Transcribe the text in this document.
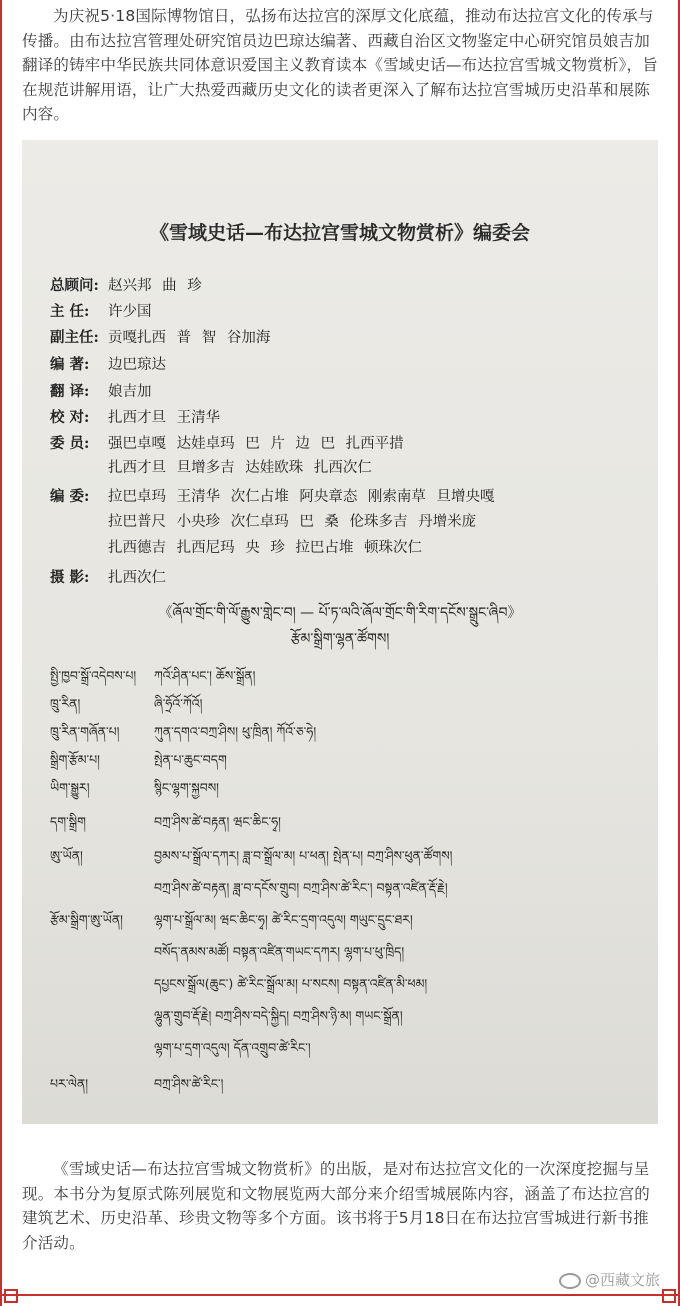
为庆祝5·18国际博物馆日，弘扬布达拉宫的深厚文化底蕴，推动布达拉宫文化的传承与传播。由布达拉宫管理处研究馆员边巴琼达编著、西藏自治区文物鉴定中心研究馆员娘吉加翻译的铸牢中华民族共同体意识爱国主义教育读本《雪域史话—布达拉宫雪城文物赏析》，旨在规范讲解用语，让广大热爱西藏历史文化的读者更深入了解布达拉宫雪城历史沿革和展陈内容。

《雪域史话—布达拉宫雪城文物赏析》编委会
总顾问: 赵兴邦 曲 珍
主 任: 许少国
副主任: 贡嘎扎西 普 智 谷加海
编 著: 边巴琼达
翻 译: 娘吉加
校 对: 扎西才旦 王清华
委 员: 强巴卓嘎 达娃卓玛 巴 片 边 巴 扎西平措
扎西才旦 旦增多吉 达娃欧珠 扎西次仁
编 委: 拉巴卓玛 王清华 次仁占堆 阿央章态 刚索南草 旦增央嘎
拉巴普尺 小央珍 次仁卓玛 巴 桑 伦珠多吉 丹增米庞
扎西德吉 扎西尼玛 央 珍 拉巴占堆 顿珠次仁
摄 影: 扎西次仁
《ཞོལ་གྲོང་གི་ལོ་རྒྱུས་གླེང་བ། — པོ་ཏ་ལའི་ཞོལ་གྲོང་གི་རིག་དངོས་སྒྲུང་ཞིབ》
རྩོམ་སྒྲིག་ལྷན་ཚོགས།
སྤྱི་ཁྱབ་སྒྲོ་འདེབས་པ། ཀའོ་ཤིན་པང་། ཆོས་སྒྲོན།
ཁྲུ་རིན།	ཞི་ཧྲོའོ་ཀོའོ།
ཁྲུ་རིན་གཞོན་པ།	ཀུན་དགའ་བཀྲ་ཤིས། ཕུ་ཁྲིན། ཀོའོ་ཅ་ཧེ།
སྒྲིག་རྩོམ་པ།	སྤེན་པ་ཆུང་བདག
ཡིག་སྒྱུར།	སྙིང་ལྷག་སྐྱབས།
དག་སྒྲིག	བཀྲ་ཤིས་ཚེ་བརྟན། ཝང་ཆིང་ཧྭ།
ཨུ་ཡོན།	བྱམས་པ་སྒྲོལ་དཀར། ཟླ་བ་སྒྲོལ་མ། པ་ཕན། སྤེན་པ། བཀྲ་ཤིས་ཕུན་ཚོགས།
བཀྲ་ཤིས་ཚེ་བརྟན། ཟླ་བ་དངོས་གྲུབ། བཀྲ་ཤིས་ཚེ་རིང་། བསྟན་འཛིན་རྡོ་རྗེ།
རྩོམ་སྒྲིག་ཨུ་ཡོན། ལྷག་པ་སྒྲོལ་མ། ཝང་ཆིང་ཧྭ། ཚེ་རིང་དྲག་འདུལ། གཡུང་དྲུང་ཐར།
བསོད་ནམས་མཚོ། བསྟན་འཛིན་གཡང་དཀར། ལྷག་པ་ཕུ་ཁྲིད།
དཔྱངས་སྒྲོལ(ཆུང་) ཚེ་རིང་སྒྲོལ་མ། པ་སངས། བསྟན་འཛིན་མི་ཕམ།
ལྷུན་གྲུབ་རྡོ་རྗེ། བཀྲ་ཤིས་བདེ་སྐྱིད། བཀྲ་ཤིས་ཉི་མ། གཡང་སྒྲོན།
ལྷག་པ་དྲག་འདུལ། དོན་འགྲུབ་ཚེ་རིང་།
པར་ལེན།	བཀྲ་ཤིས་ཚེ་རིང་།

《雪域史话—布达拉宫雪城文物赏析》的出版，是对布达拉宫文化的一次深度挖掘与呈现。本书分为复原式陈列展览和文物展览两大部分来介绍雪城展陈内容，涵盖了布达拉宫的建筑艺术、历史沿革、珍贵文物等多个方面。该书将于5月18日在布达拉宫雪城进行新书推介活动。

@西藏文旅
